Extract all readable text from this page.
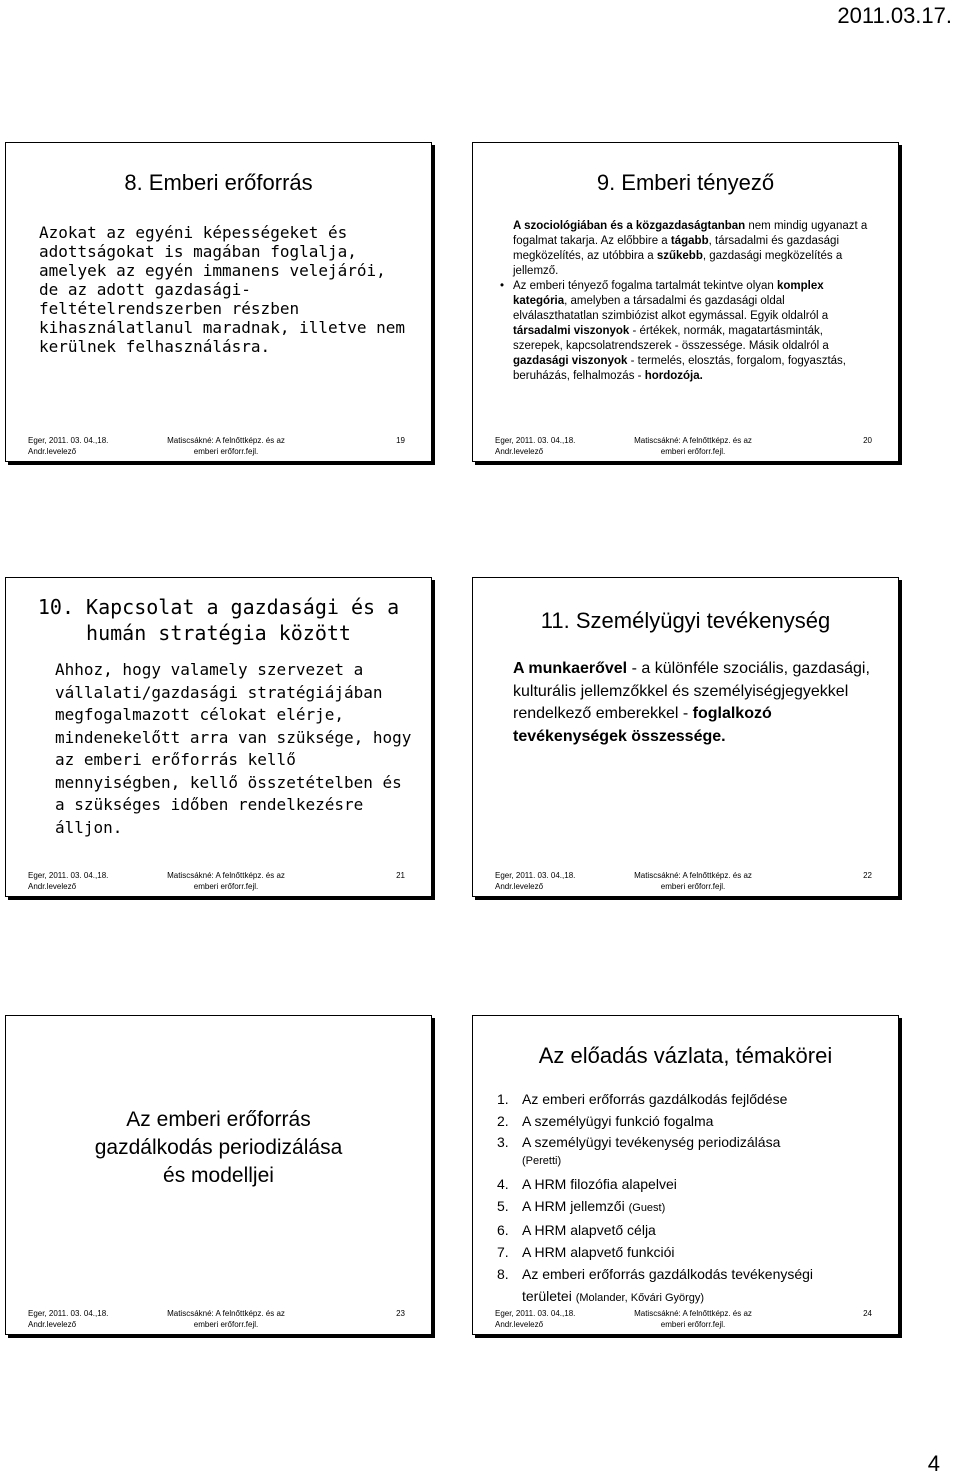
2011.03.17.
8. Emberi erőforrás
Azokat az egyéni képességeket és adottságokat is magában foglalja, amelyek az egyén immanens velejárói, de az adott gazdasági-feltételrendszerben részben kihasználatlanul maradnak, illetve nem kerülnek felhasználásra.
Eger, 2011. 03. 04.,18.
Andr.levelező
Matiscsákné: A felnőttképz. és az
emberi erőforr.fejl.
19
9. Emberi tényező

A szociológiában és a közgazdaságtanban nem mindig ugyanazt a fogalmat takarja. Az előbbire a tágabb, társadalmi és gazdasági megközelítés, az utóbbira a szűkebb, gazdasági megközelítés a jellemző.

• Az emberi tényező fogalma tartalmát tekintve olyan komplex kategória, amelyben a társadalmi és gazdasági oldal elválaszthatatlan szimbiózist alkot egymással. Egyik oldalról a társadalmi viszonyok - értékek, normák, magatartásminták, szerepek, kapcsolatrendszerek - összessége. Másik oldalról a gazdasági viszonyok - termelés, elosztás, forgalom, fogyasztás, beruházás, felhalmozás - hordozója.

Eger, 2011. 03. 04.,18.
Andr.levelező
Matiscsákné: A felnőttképz. és az
emberi erőforr.fejl.
20
10. Kapcsolat a gazdasági és a
humán stratégia között
Ahhoz, hogy valamely szervezet a vállalati/gazdasági stratégiájában megfogalmazott célokat elérje, mindenekelőtt arra van szüksége, hogy az emberi erőforrás kellő mennyiségben, kellő összetételben és a szükséges időben rendelkezésre álljon.
Eger, 2011. 03. 04.,18.
Andr.levelező
Matiscsákné: A felnőttképz. és az
emberi erőforr.fejl.
21
11. Személyügyi tevékenység
A munkaerővel - a különféle szociális, gazdasági, kulturális jellemzőkkel és személyiségjegyekkel rendelkező emberekkel - foglalkozó tevékenységek összessége.
Eger, 2011. 03. 04.,18.
Andr.levelező
Matiscsákné: A felnőttképz. és az
emberi erőforr.fejl.
22
Az emberi erőforrás
gazdálkodás periodizálása
és modelljei
Eger, 2011. 03. 04.,18.
Andr.levelező
Matiscsákné: A felnőttképz. és az
emberi erőforr.fejl.
23
Az előadás vázlata, témakörei
1. Az emberi erőforrás gazdálkodás fejlődése
2. A személyügyi funkció fogalma
3. A személyügyi tevékenység periodizálása
(Peretti)
4. A HRM filozófia alapelvei
5. A HRM jellemzői (Guest)
6. A HRM alapvető célja
7. A HRM alapvető funkciói
8. Az emberi erőforrás gazdálkodás tevékenységi területei (Molander, Kővári György)
Eger, 2011. 03. 04.,18.
Andr.levelező
Matiscsákné: A felnőttképz. és az
emberi erőforr.fejl.
24
4
